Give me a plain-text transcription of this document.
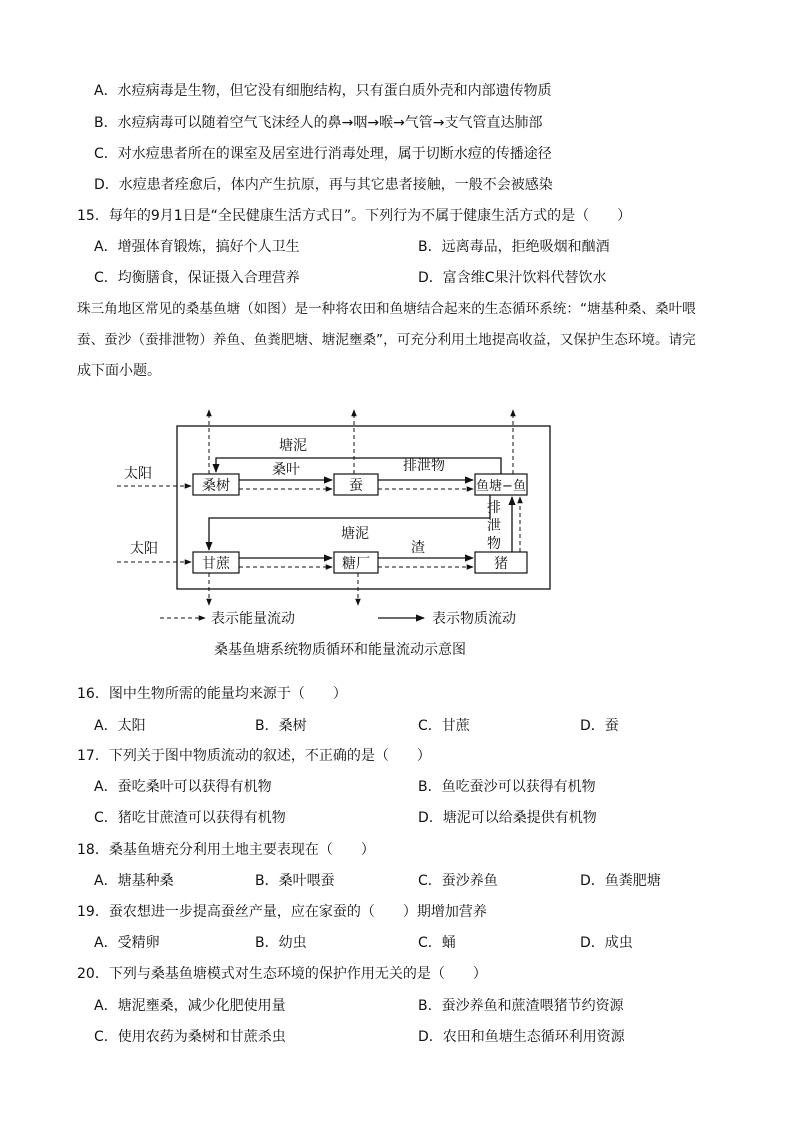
A．水痘病毒是生物，但它没有细胞结构，只有蛋白质外壳和内部遗传物质
B．水痘病毒可以随着空气飞沫经人的鼻→咽→喉→气管→支气管直达肺部
C．对水痘患者所在的课室及居室进行消毒处理，属于切断水痘的传播途径
D．水痘患者痊愈后，体内产生抗原，再与其它患者接触，一般不会被感染
15．每年的9月1日是“全民健康生活方式日”。下列行为不属于健康生活方式的是（　　）
A．增强体育锻炼，搞好个人卫生	B．远离毒品，拒绝吸烟和酗酒
C．均衡膳食，保证摄入合理营养	D．富含维C果汁饮料代替饮水
珠三角地区常见的桑基鱼塘（如图）是一种将农田和鱼塘结合起来的生态循环系统：“塘基种桑、桑叶喂
蚕、蚕沙（蚕排泄物）养鱼、鱼粪肥塘、塘泥壅桑”，可充分利用土地提高收益，又保护生态环境。请完
成下面小题。
桑树	蚕	鱼塘−鱼
甘蔗	糖厂	猪
太阳
太阳
桑叶	排泄物
塘泥
塘泥
渣
排
泄
物
表示能量流动	表示物质流动
桑基鱼塘系统物质循环和能量流动示意图
16．图中生物所需的能量均来源于（　　）
A．太阳	B．桑树	C．甘蔗	D．蚕
17．下列关于图中物质流动的叙述，不正确的是（　　）
A．蚕吃桑叶可以获得有机物	B．鱼吃蚕沙可以获得有机物
C．猪吃甘蔗渣可以获得有机物	D．塘泥可以给桑提供有机物
18．桑基鱼塘充分利用土地主要表现在（　　）
A．塘基种桑	B．桑叶喂蚕	C．蚕沙养鱼	D．鱼粪肥塘
19．蚕农想进一步提高蚕丝产量，应在家蚕的（　　）期增加营养
A．受精卵	B．幼虫	C．蛹	D．成虫
20．下列与桑基鱼塘模式对生态环境的保护作用无关的是（　　）
A．塘泥壅桑，减少化肥使用量	B．蚕沙养鱼和蔗渣喂猪节约资源
C．使用农药为桑树和甘蔗杀虫	D．农田和鱼塘生态循环利用资源
